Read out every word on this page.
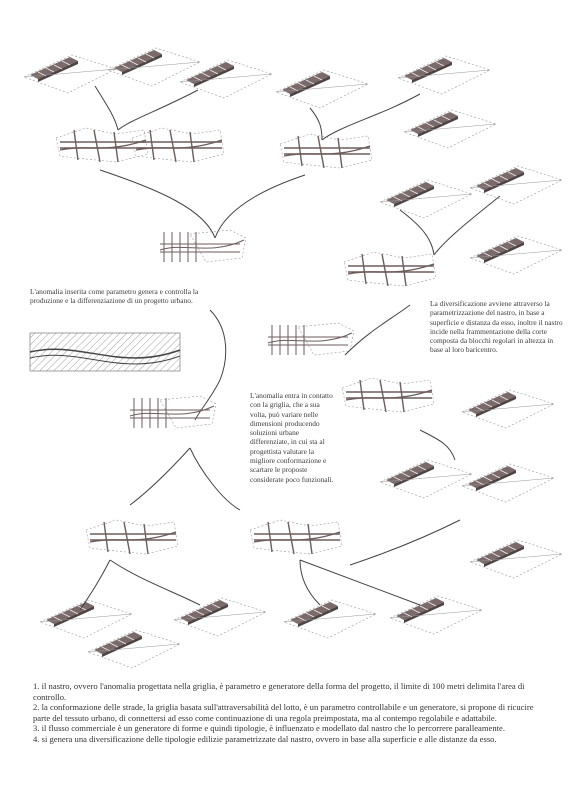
L'anomalia inserita come parametro genera e controlla la produzione e la differenziazione di un progetto urbano.	La diversificazione avviene attraverso la parametrizzazione del nastro, in base a superficie e distanza da esso, inoltre il nastro incide nella frammentazione della corte composta da blocchi regolari in altezza in base al loro baricentro.
L'anomalia entra in contatto con la griglia, che a sua volta, può variare nelle dimensioni producendo soluzioni urbane differenziate, in cui sta al progettista valutare la migliore conformazione e scartare le proposte considerate poco funzionali.

1. il nastro, ovvero l'anomalia progettata nella griglia, è parametro e generatore della forma del progetto, il limite di 100 metri delimita l'area di controllo.

2. la conformazione delle strade, la griglia basata sull'attraversabilità del lotto, è un parametro controllabile e un generatore, si propone di ricucire parte del tessuto urbano, di connettersi ad esso come continuazione di una regola preimpostata, ma al contempo regolabile e adattabile.

3. il flusso commerciale è un generatore di forme e quindi tipologie, è influenzato e modellato dal nastro che lo percorrere paralleamente.

4. si genera una diversificazione delle tipologie edilizie parametrizzate dal nastro, ovvero in base alla superficie e alle distanze da esso.
